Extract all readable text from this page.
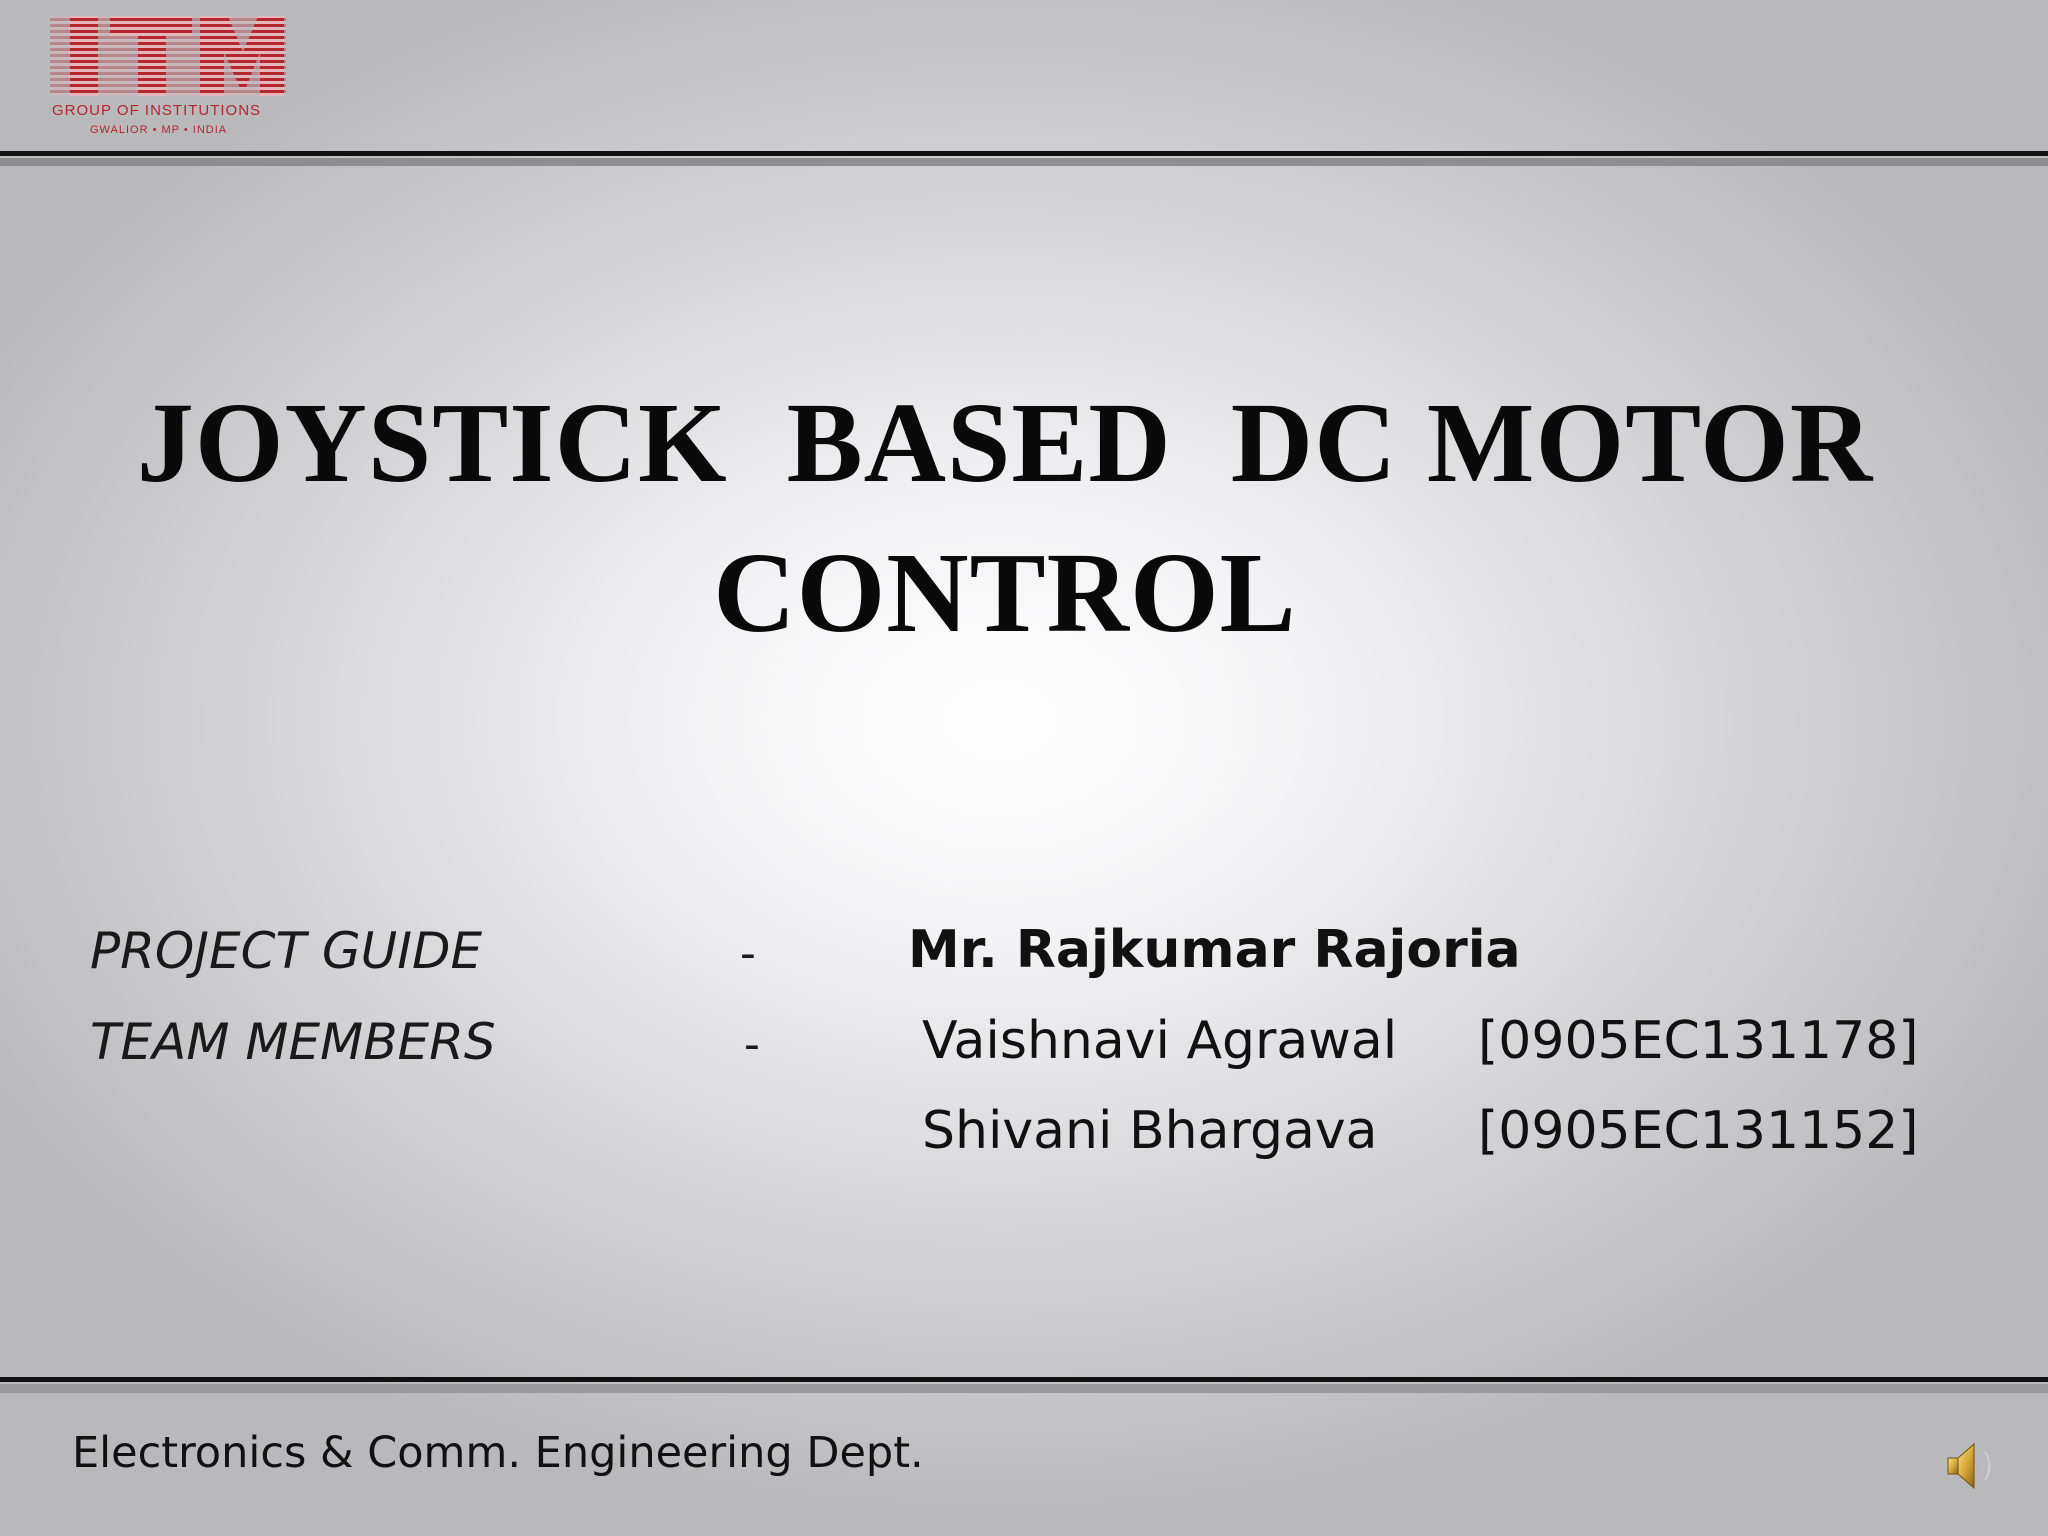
GROUP OF INSTITUTIONS
GWALIOR • MP • INDIA
JOYSTICK  BASED  DC MOTOR
CONTROL
PROJECT GUIDE	-	Mr. Rajkumar Rajoria
TEAM MEMBERS	-	Vaishnavi Agrawal [0905EC131178]
Shivani Bhargava [0905EC131152]
Electronics & Comm. Engineering Dept.
